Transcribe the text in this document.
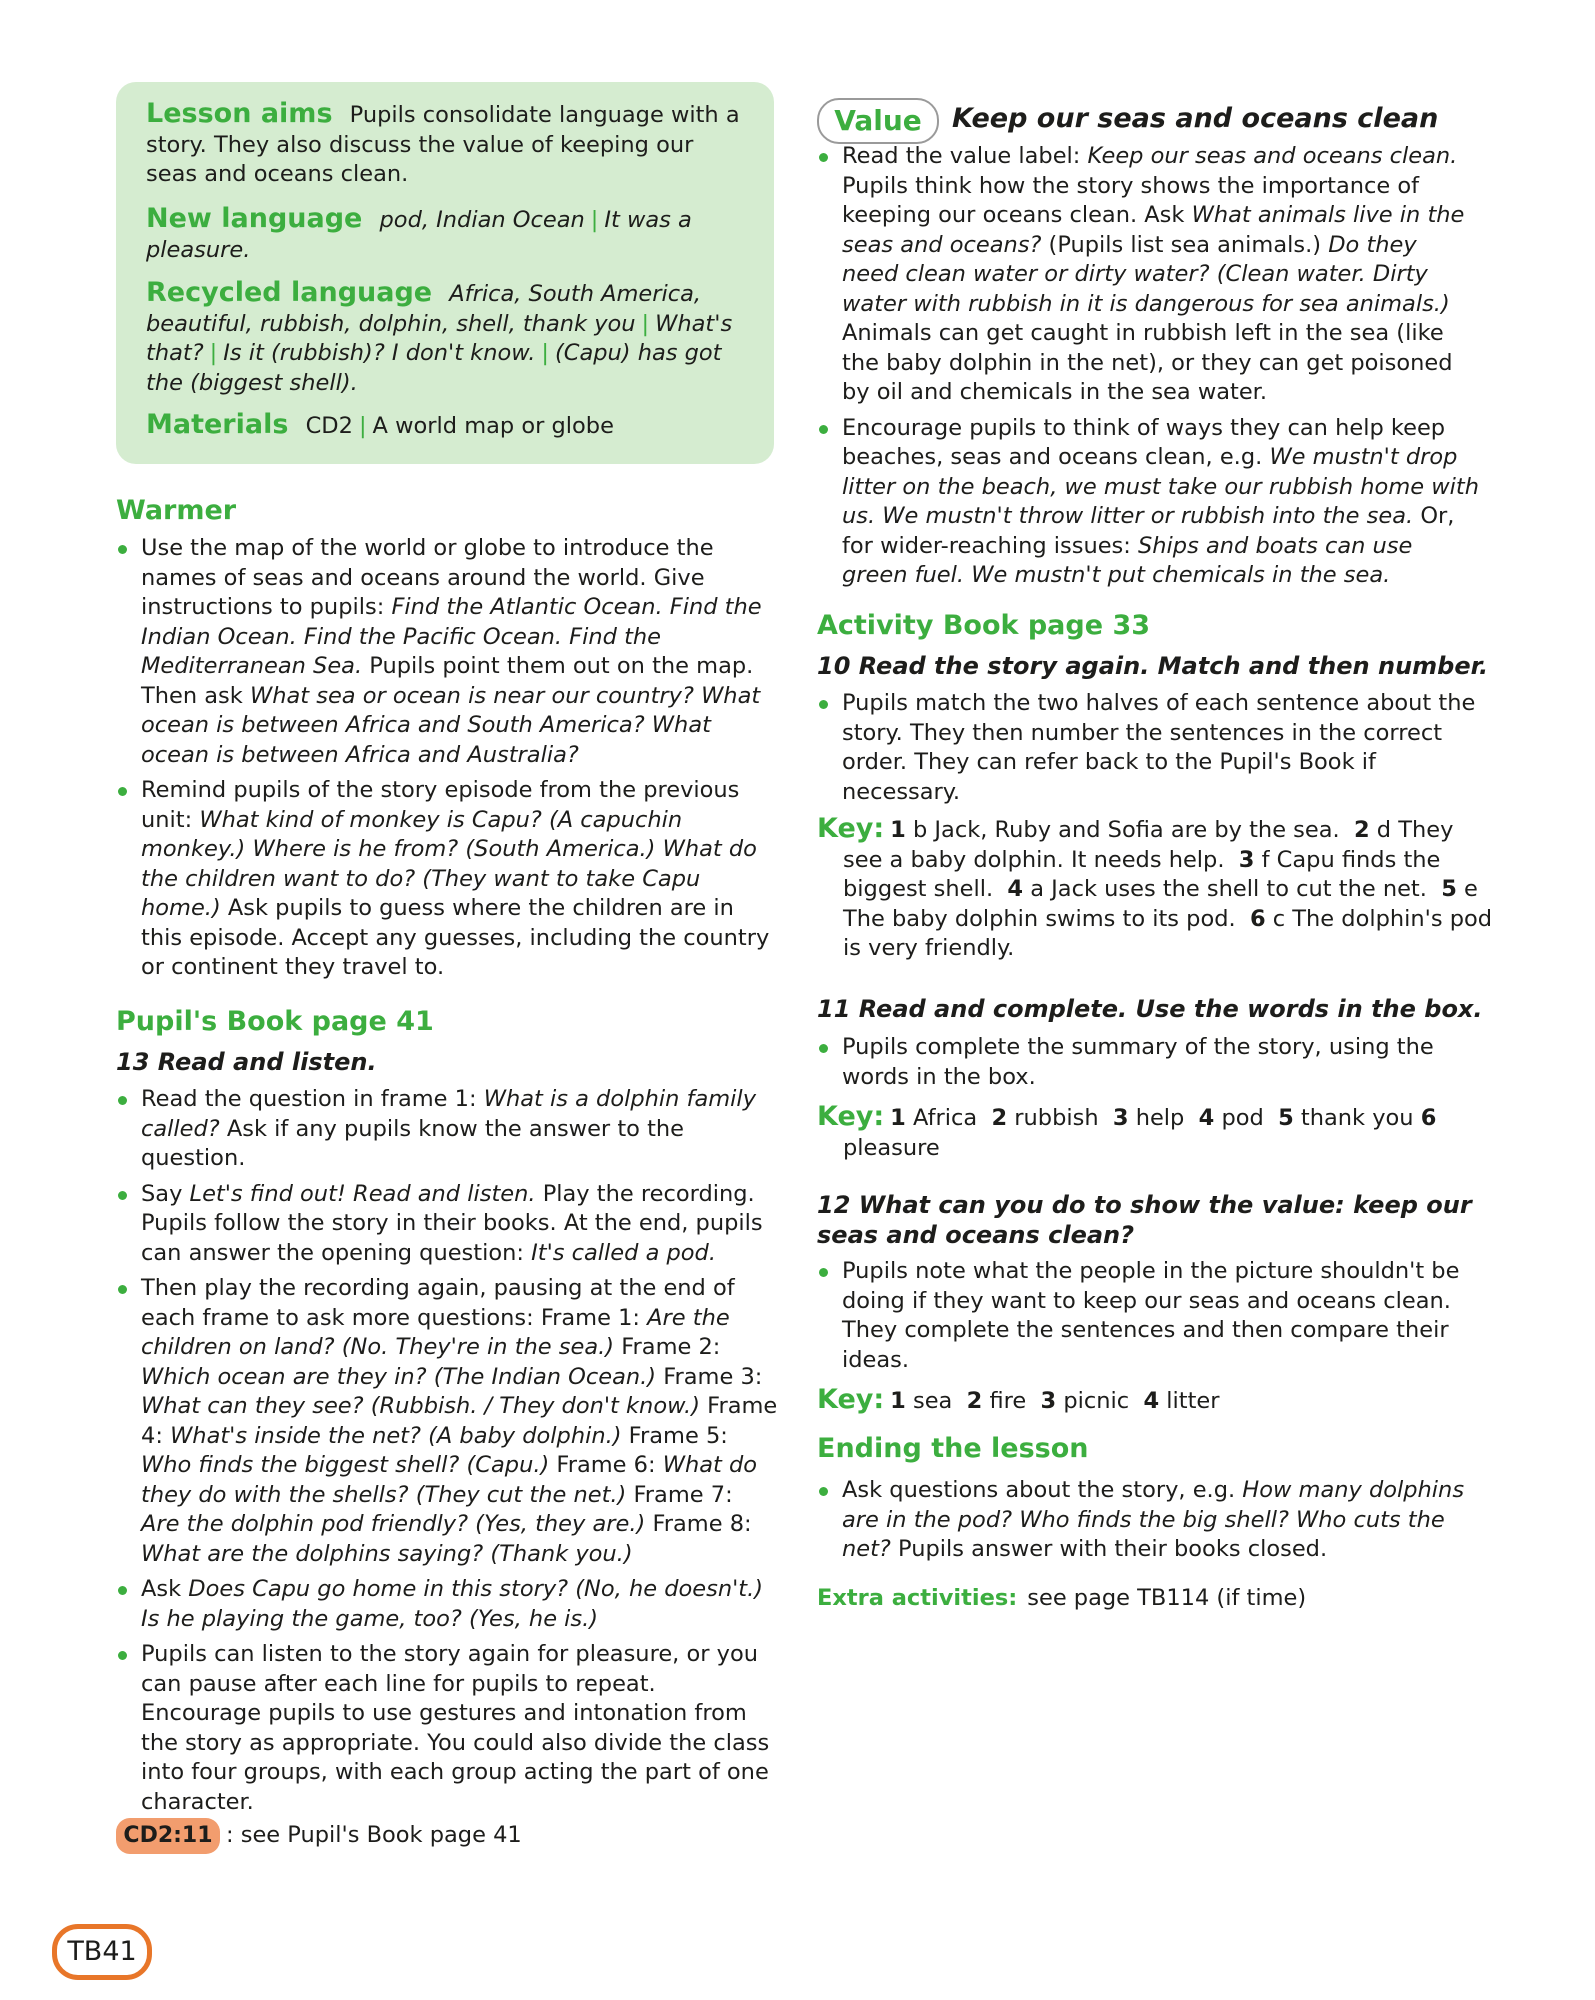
Lesson aims Pupils consolidate language with a story. They also discuss the value of keeping our seas and oceans clean.

New language pod, Indian Ocean | It was a pleasure.

Recycled language Africa, South America, beautiful, rubbish, dolphin, shell, thank you | What's that? | Is it (rubbish)? I don't know. | (Capu) has got the (biggest shell).

Materials CD2 | A world map or globe

Warmer
Use the map of the world or globe to introduce the names of seas and oceans around the world. Give instructions to pupils: Find the Atlantic Ocean. Find the Indian Ocean. Find the Pacific Ocean. Find the Mediterranean Sea. Pupils point them out on the map. Then ask What sea or ocean is near our country? What ocean is between Africa and South America? What ocean is between Africa and Australia?
Remind pupils of the story episode from the previous unit: What kind of monkey is Capu? (A capuchin monkey.) Where is he from? (South America.) What do the children want to do? (They want to take Capu home.) Ask pupils to guess where the children are in this episode. Accept any guesses, including the country or continent they travel to.
Pupil's Book page 41
13 Read and listen.
Read the question in frame 1: What is a dolphin family called? Ask if any pupils know the answer to the question.
Say Let's find out! Read and listen. Play the recording. Pupils follow the story in their books. At the end, pupils can answer the opening question: It's called a pod.
Then play the recording again, pausing at the end of each frame to ask more questions: Frame 1: Are the children on land? (No. They're in the sea.) Frame 2: Which ocean are they in? (The Indian Ocean.) Frame 3: What can they see? (Rubbish. / They don't know.) Frame 4: What's inside the net? (A baby dolphin.) Frame 5: Who finds the biggest shell? (Capu.) Frame 6: What do they do with the shells? (They cut the net.) Frame 7: Are the dolphin pod friendly? (Yes, they are.) Frame 8: What are the dolphins saying? (Thank you.)
Ask Does Capu go home in this story? (No, he doesn't.) Is he playing the game, too? (Yes, he is.)
Pupils can listen to the story again for pleasure, or you can pause after each line for pupils to repeat. Encourage pupils to use gestures and intonation from the story as appropriate. You could also divide the class into four groups, with each group acting the part of one character.
CD2:11 : see Pupil's Book page 41
Value	Keep our seas and oceans clean
Read the value label: Keep our seas and oceans clean. Pupils think how the story shows the importance of keeping our oceans clean. Ask What animals live in the seas and oceans? (Pupils list sea animals.) Do they need clean water or dirty water? (Clean water. Dirty water with rubbish in it is dangerous for sea animals.) Animals can get caught in rubbish left in the sea (like the baby dolphin in the net), or they can get poisoned by oil and chemicals in the sea water.
Encourage pupils to think of ways they can help keep beaches, seas and oceans clean, e.g. We mustn't drop litter on the beach, we must take our rubbish home with us. We mustn't throw litter or rubbish into the sea. Or, for wider-reaching issues: Ships and boats can use green fuel. We mustn't put chemicals in the sea.
Activity Book page 33
10 Read the story again. Match and then number.
Pupils match the two halves of each sentence about the story. They then number the sentences in the correct order. They can refer back to the Pupil's Book if necessary.

Key: 1 b Jack, Ruby and Sofia are by the sea.  2 d They see a baby dolphin. It needs help.  3 f Capu finds the biggest shell.  4 a Jack uses the shell to cut the net.  5 e The baby dolphin swims to its pod.  6 c The dolphin's pod is very friendly.

11 Read and complete. Use the words in the box.
Pupils complete the summary of the story, using the words in the box.

Key: 1 Africa  2 rubbish  3 help  4 pod  5 thank you 6 pleasure

12 What can you do to show the value: keep our seas and oceans clean?
Pupils note what the people in the picture shouldn't be doing if they want to keep our seas and oceans clean. They complete the sentences and then compare their ideas.

Key: 1 sea  2 fire  3 picnic  4 litter

Ending the lesson
Ask questions about the story, e.g. How many dolphins are in the pod? Who finds the big shell? Who cuts the net? Pupils answer with their books closed.
Extra activities: see page TB114 (if time)
TB41
